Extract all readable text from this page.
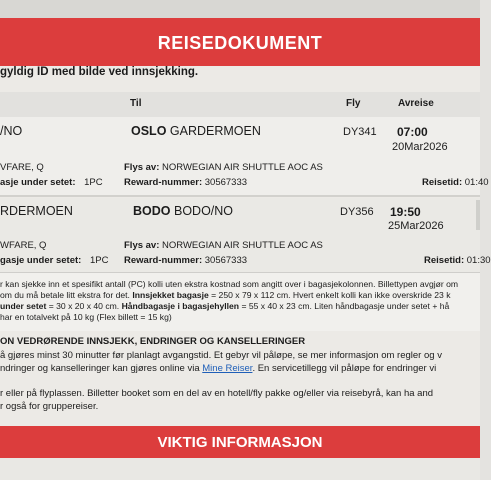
REISEDOKUMENT
gyldig ID med bilde ved innsjekking.
Til	Fly	Avreise
/NO	OSLO GARDERMOEN	DY341 07:00
20Mar2026
VFARE, Q	Flys av: NORWEGIAN AIR SHUTTLE AOC AS
asje under setet: 1PC Reward-nummer: 30567333	Reisetid: 01:40
RDERMOEN	BODO BODO/NO	DY356 19:50
25Mar2026
WFARE, Q	Flys av: NORWEGIAN AIR SHUTTLE AOC AS
gasje under setet: 1PC Reward-nummer: 30567333	Reisetid: 01:30
r kan sjekke inn et spesifikt antall (PC) kolli uten ekstra kostnad som angitt over i bagasjekolonnen. Billettypen avgjør om
om du må betale litt ekstra for det. Innsjekket bagasje = 250 x 79 x 112 cm. Hvert enkelt kolli kan ikke overskride 23 k
under setet = 30 x 20 x 40 cm. Håndbagasje i bagasjehyllen = 55 x 40 x 23 cm. Liten håndbagasje under setet + hå
har en totalvekt på 10 kg (Flex billett = 15 kg)
ON VEDRØRENDE INNSJEKK, ENDRINGER OG KANSELLERINGER
å gjøres minst 30 minutter før planlagt avgangstid. Et gebyr vil påløpe, se mer informasjon om regler og v
ndringer og kanselleringer kan gjøres online via Mine Reiser. En servicetillegg vil påløpe for endringer vi
r eller på flyplassen. Billetter booket som en del av en hotell/fly pakke og/eller via reisebyrå, kan ha and
r også for gruppereiser.
VIKTIG INFORMASJON
